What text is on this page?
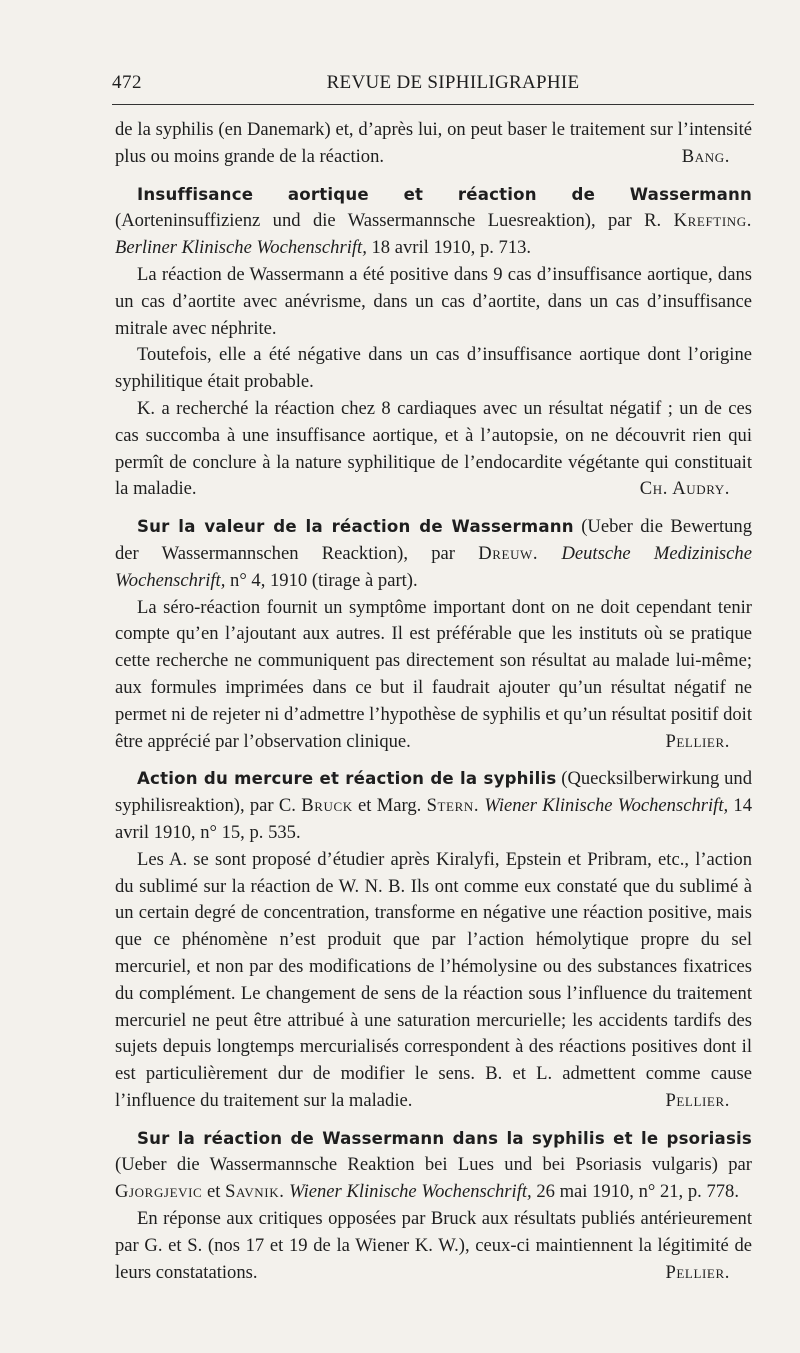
472	REVUE DE SIPHILIGRAPHIE

de la syphilis (en Danemark) et, d’après lui, on peut baser le traitement sur l’intensité plus ou moins grande de la réaction.	Bang.

Insuffisance aortique et réaction de Wassermann (Aorteninsuffizienz und die Wassermannsche Luesreaktion), par R. Krefting. Berliner Klinische Wochenschrift, 18 avril 1910, p. 713.

La réaction de Wassermann a été positive dans 9 cas d’insuffisance aortique, dans un cas d’aortite avec anévrisme, dans un cas d’aortite, dans un cas d’insuffisance mitrale avec néphrite.

Toutefois, elle a été négative dans un cas d’insuffisance aortique dont l’origine syphilitique était probable.

K. a recherché la réaction chez 8 cardiaques avec un résultat négatif ; un de ces cas succomba à une insuffisance aortique, et à l’autopsie, on ne découvrit rien qui permît de conclure à la nature syphilitique de l’endocardite végétante qui constituait la maladie.	Ch. Audry.

Sur la valeur de la réaction de Wassermann (Ueber die Bewertung der Wassermannschen Reacktion), par Dreuw. Deutsche Medizinische Wochenschrift, n° 4, 1910 (tirage à part).

La séro-réaction fournit un symptôme important dont on ne doit cependant tenir compte qu’en l’ajoutant aux autres. Il est préférable que les instituts où se pratique cette recherche ne communiquent pas directement son résultat au malade lui-même; aux formules imprimées dans ce but il faudrait ajouter qu’un résultat négatif ne permet ni de rejeter ni d’admettre l’hypothèse de syphilis et qu’un résultat positif doit être apprécié par l’observation clinique.	Pellier.

Action du mercure et réaction de la syphilis (Quecksilberwirkung und syphilisreaktion), par C. Bruck et Marg. Stern. Wiener Klinische Wochenschrift, 14 avril 1910, n° 15, p. 535.

Les A. se sont proposé d’étudier après Kiralyfi, Epstein et Pribram, etc., l’action du sublimé sur la réaction de W. N. B. Ils ont comme eux constaté que du sublimé à un certain degré de concentration, transforme en négative une réaction positive, mais que ce phénomène n’est produit que par l’action hémolytique propre du sel mercuriel, et non par des modifications de l’hémolysine ou des substances fixatrices du complément. Le changement de sens de la réaction sous l’influence du traitement mercuriel ne peut être attribué à une saturation mercurielle; les accidents tardifs des sujets depuis longtemps mercurialisés correspondent à des réactions positives dont il est particulièrement dur de modifier le sens. B. et L. admettent comme cause l’influence du traitement sur la maladie.	Pellier.

Sur la réaction de Wassermann dans la syphilis et le psoriasis (Ueber die Wassermannsche Reaktion bei Lues und bei Psoriasis vulgaris) par Gjorgjevic et Savnik. Wiener Klinische Wochenschrift, 26 mai 1910, n° 21, p. 778.

En réponse aux critiques opposées par Bruck aux résultats publiés antérieurement par G. et S. (nos 17 et 19 de la Wiener K. W.), ceux-ci maintiennent la légitimité de leurs constatations.	Pellier.
